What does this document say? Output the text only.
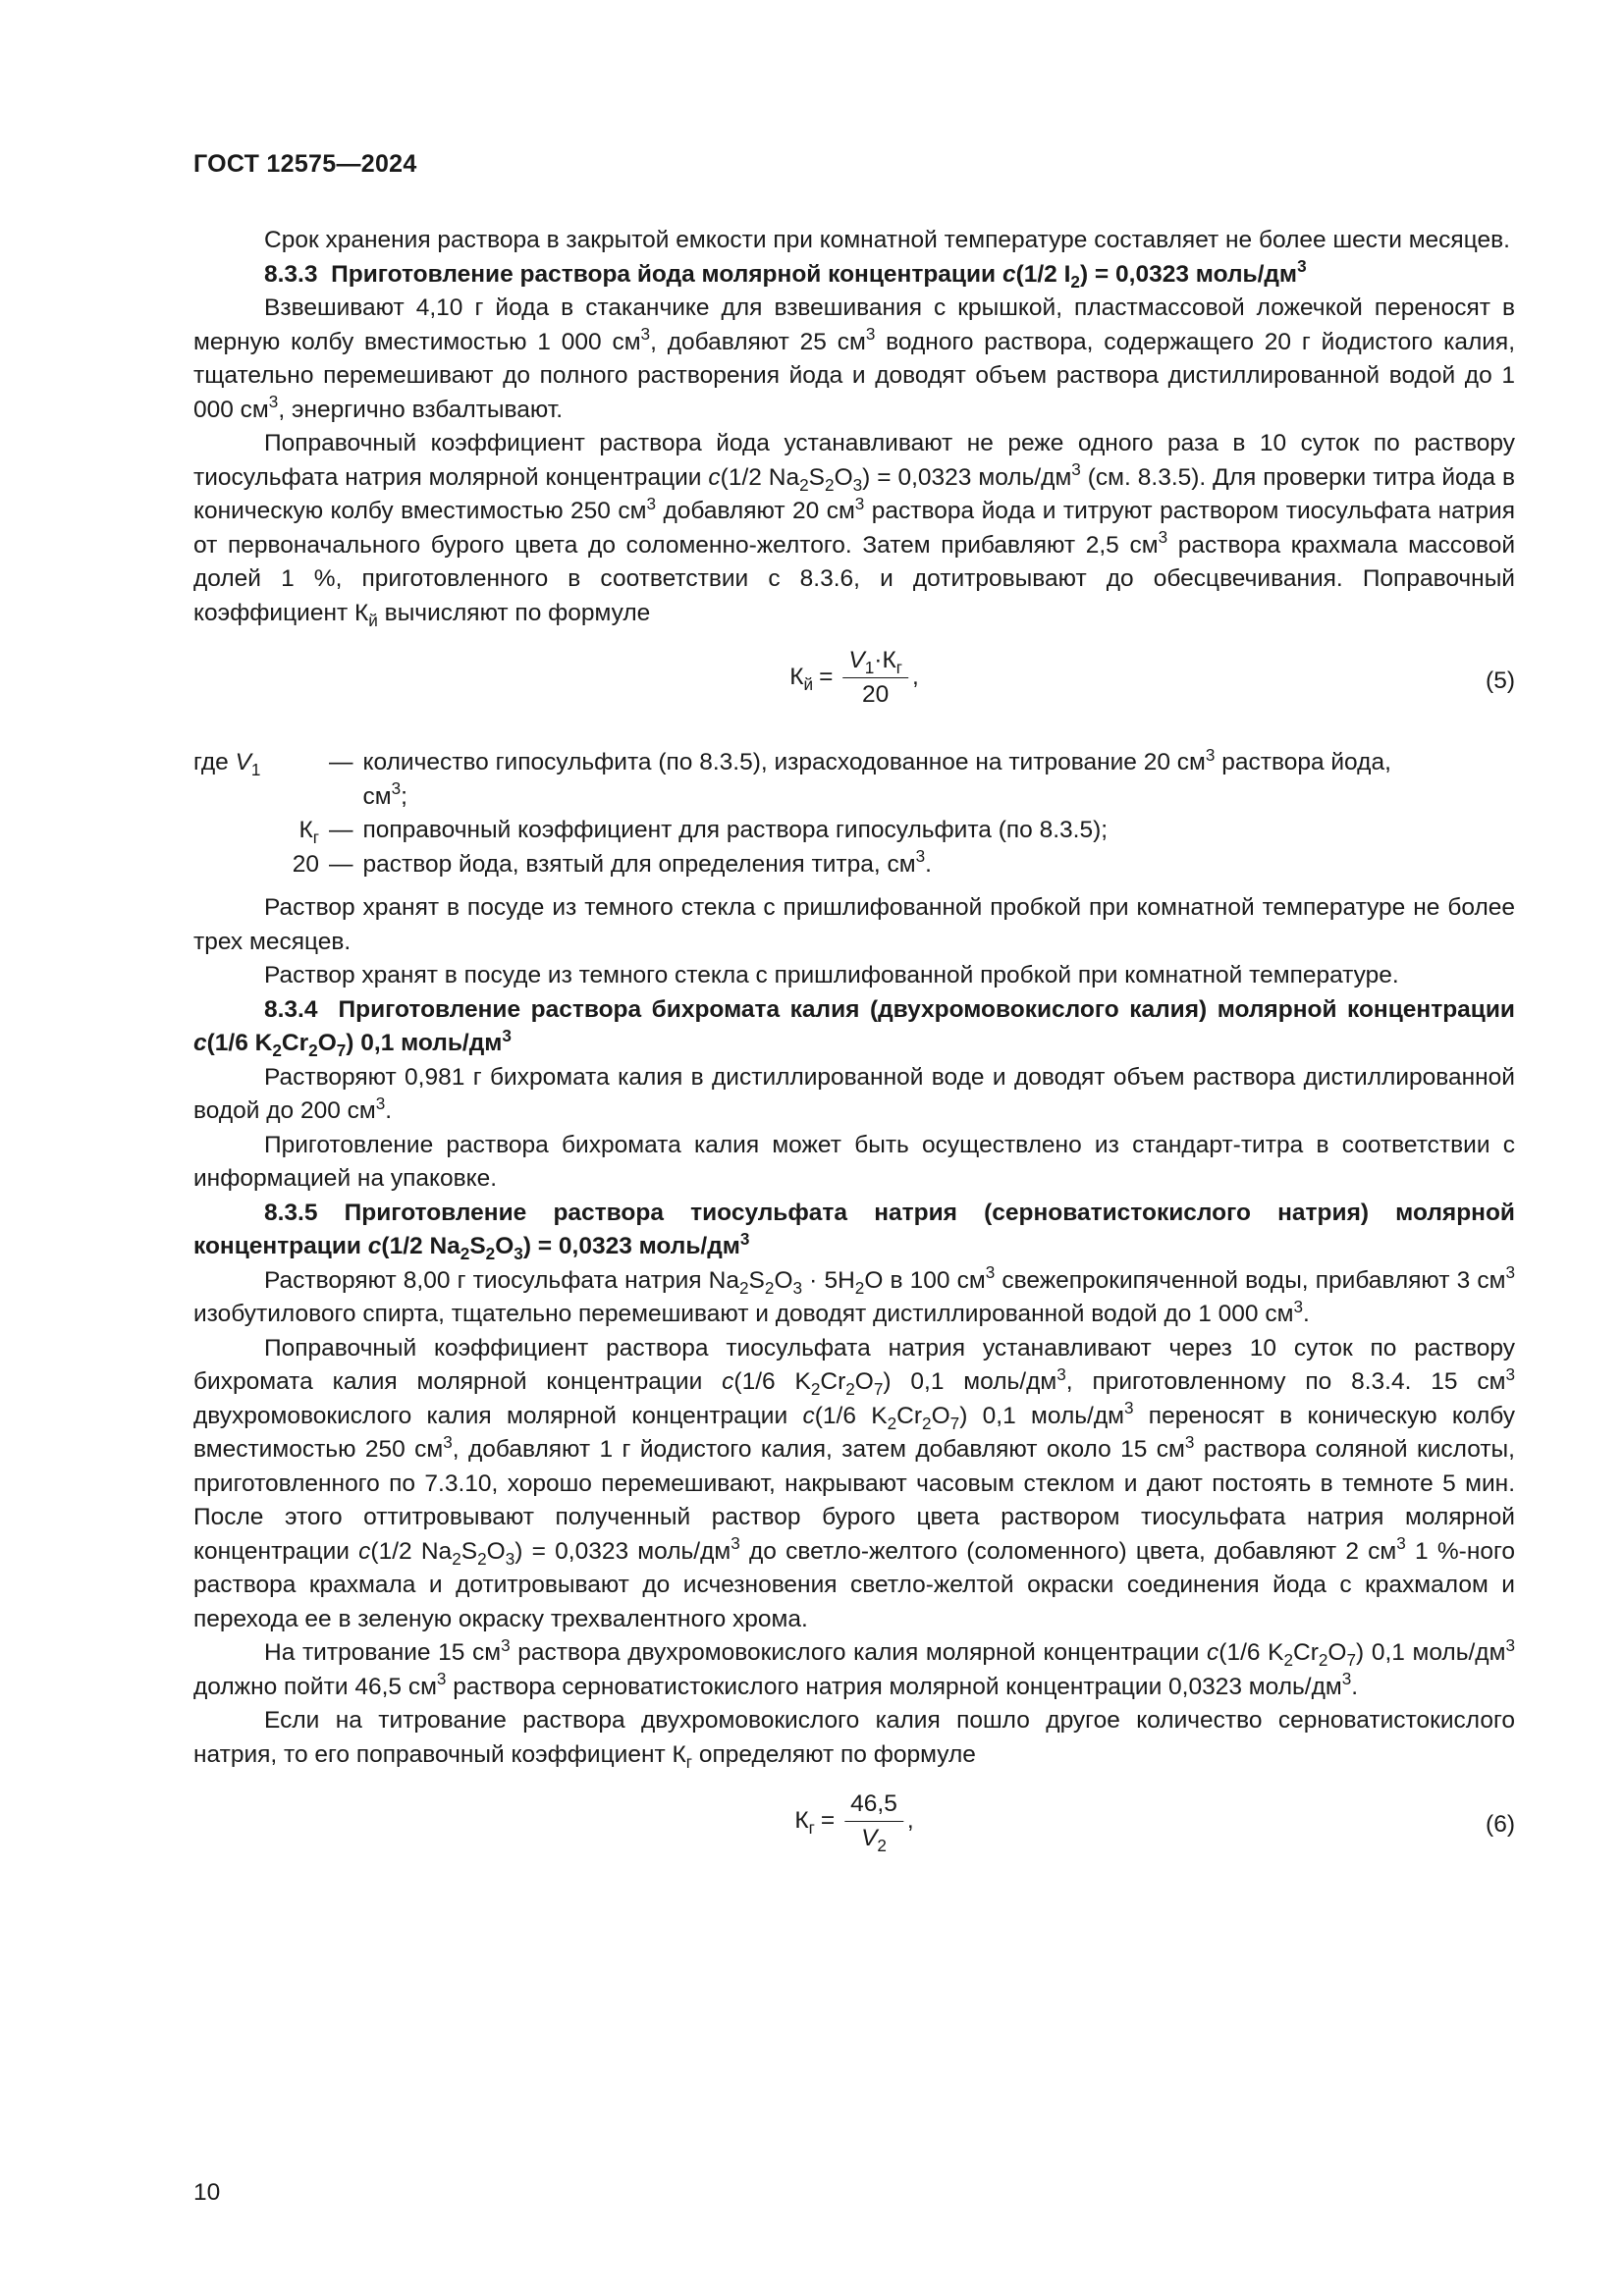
ГОСТ 12575—2024

Срок хранения раствора в закрытой емкости при комнатной температуре составляет не более шести месяцев.

8.3.3 Приготовление раствора йода молярной концентрации c(1/2 $I_2) = 0,0323$ моль/$дм^3$

Взвешивают 4,10 г йода в стаканчике для взвешивания с крышкой, пластмассовой ложечкой переносят в мерную колбу вместимостью 1 000 $см^3$, добавляют 25 $см^3$ водного раствора, содержащего 20 г йодистого калия, тщательно перемешивают до полного растворения йода и доводят объем раствора дистиллированной водой до 1 000 $см^3$, энергично взбалтывают.

Поправочный коэффициент раствора йода устанавливают не реже одного раза в 10 суток по раствору тиосульфата натрия молярной концентрации c(1/2 $Na_2S_2O_3) = 0,0323$ моль/$дм^3$ (см. 8.3.5). Для проверки титра йода в коническую колбу вместимостью 250 $см^3$ добавляют 20 $см^3$ раствора йода и титруют раствором тиосульфата натрия от первоначального бурого цвета до соломенно-желтого. Затем прибавляют 2,5 $см^3$ раствора крахмала массовой долей 1 %, приготовленного в соответствии с 8.3.6, и дотитровывают до обесцвечивания. Поправочный коэффициент $К_й$ вычисляют по формуле

$К_й = \frac{V_1\cdot К_г}{20}$ ,	(5)
где $V_1$	— количество гипосульфита (по 8.3.5), израсходованное на титрование 20 $см^3$ раствора йода,
$см^3$;
$К_г$ — поправочный коэффициент для раствора гипосульфита (по 8.3.5);
20 — раствор йода, взятый для определения титра, $см^3$.

Раствор хранят в посуде из темного стекла с пришлифованной пробкой при комнатной температуре не более трех месяцев.

Раствор хранят в посуде из темного стекла с пришлифованной пробкой при комнатной температуре.

8.3.4 Приготовление раствора бихромата калия (двухромовокислого калия) молярной концентрации c(1/6 $K_2Cr_2O_7$) 0,1 моль/$дм^3$

Растворяют 0,981 г бихромата калия в дистиллированной воде и доводят объем раствора дистиллированной водой до 200 $см^3$.

Приготовление раствора бихромата калия может быть осуществлено из стандарт-титра в соответствии с информацией на упаковке.

8.3.5 Приготовление раствора тиосульфата натрия (серноватистокислого натрия) молярной концентрации c(1/2 $Na_2S_2O_3) = 0,0323$ моль/$дм^3$

Растворяют 8,00 г тиосульфата натрия $Na_2S_2O_3 \cdot 5H_2O$ в 100 $см^3$ свежепрокипяченной воды, прибавляют 3 $см^3$ изобутилового спирта, тщательно перемешивают и доводят дистиллированной водой до 1 000 $см^3$.

Поправочный коэффициент раствора тиосульфата натрия устанавливают через 10 суток по раствору бихромата калия молярной концентрации c(1/6 $K_2Cr_2O_7$) 0,1 моль/$дм^3$, приготовленному по 8.3.4. 15 $см^3$ двухромовокислого калия молярной концентрации c(1/6 $K_2Cr_2O_7$) 0,1 моль/$дм^3$ переносят в коническую колбу вместимостью 250 $см^3$, добавляют 1 г йодистого калия, затем добавляют около 15 $см^3$ раствора соляной кислоты, приготовленного по 7.3.10, хорошо перемешивают, накрывают часовым стеклом и дают постоять в темноте 5 мин. После этого оттитровывают полученный раствор бурого цвета раствором тиосульфата натрия молярной концентрации c(1/2 $Na_2S_2O_3) = 0,0323$ моль/$дм^3$ до светло-желтого (соломенного) цвета, добавляют 2 $см^3$ 1 %-ного раствора крахмала и дотитровывают до исчезновения светло-желтой окраски соединения йода с крахмалом и перехода ее в зеленую окраску трехвалентного хрома.

На титрование 15 $см^3$ раствора двухромовокислого калия молярной концентрации c(1/6 $K_2Cr_2O_7$) 0,1 моль/$дм^3$ должно пойти 46,5 $см^3$ раствора серноватистокислого натрия молярной концентрации 0,0323 моль/$дм^3$.

Если на титрование раствора двухромовокислого калия пошло другое количество серноватистокислого натрия, то его поправочный коэффициент $К_г$ определяют по формуле

$К_г = \frac{46,5}{V_2}$ ,	(6)
10
